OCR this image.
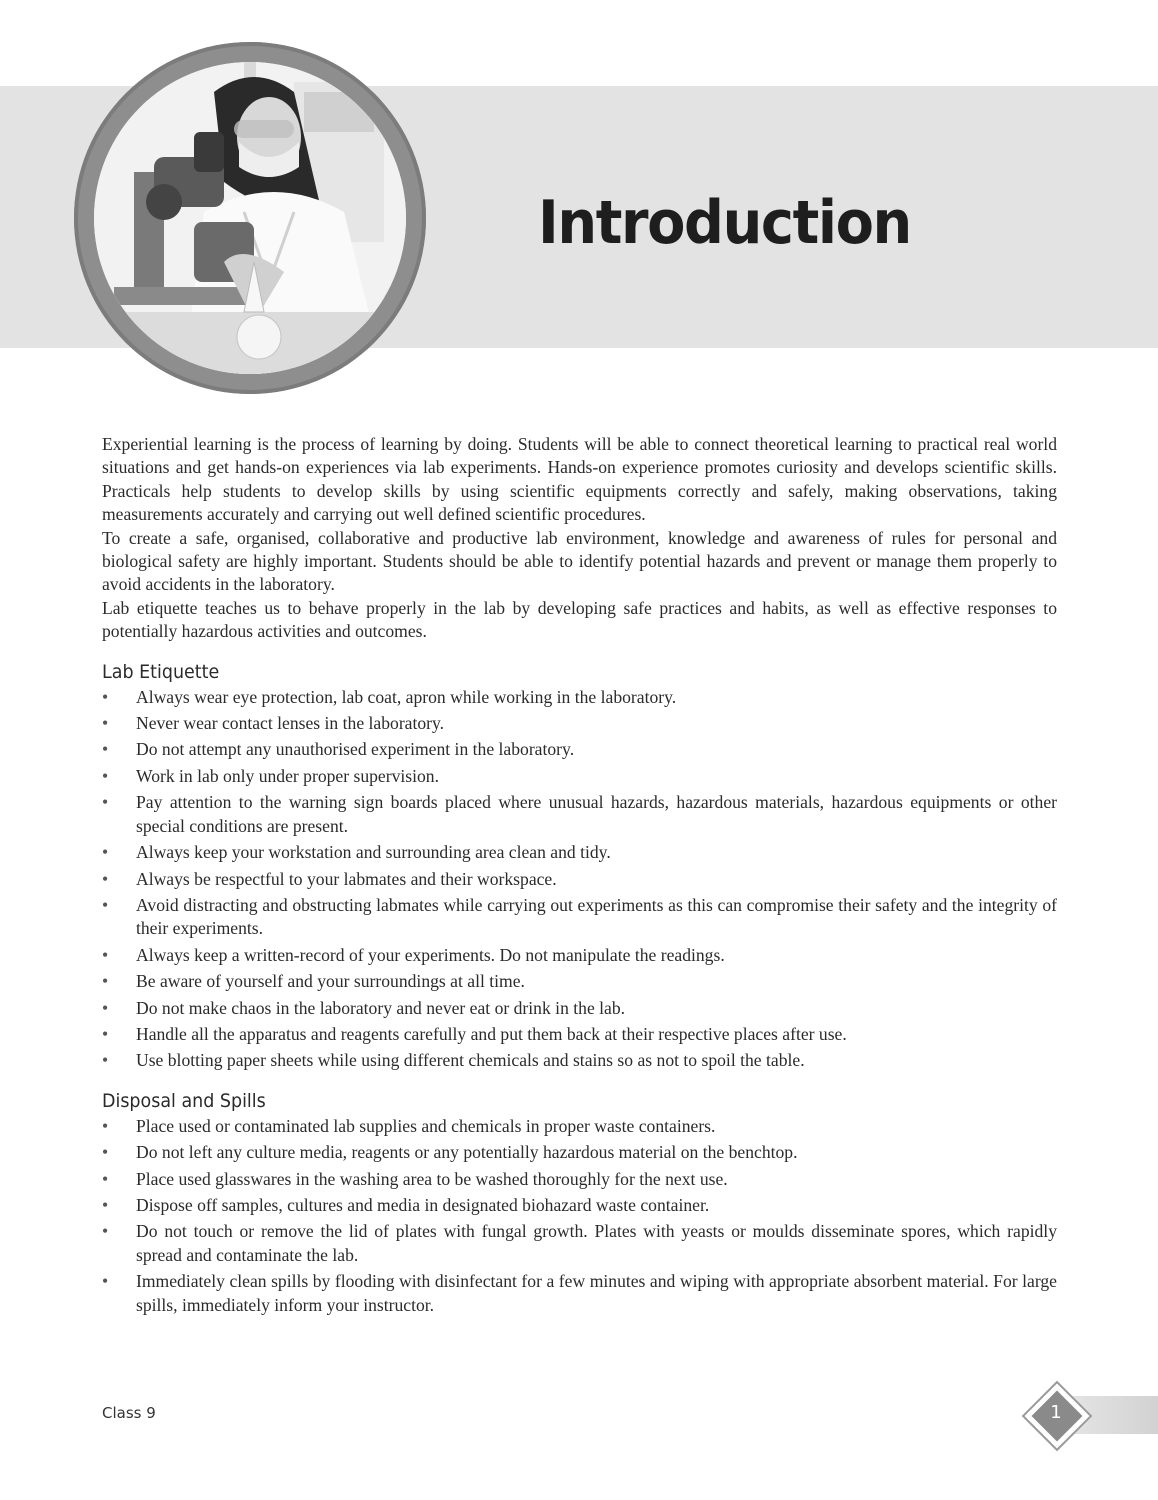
Introduction

Experiential learning is the process of learning by doing. Students will be able to connect theoretical learning to practical real world situations and get hands-on experiences via lab experiments. Hands-on experience promotes curiosity and develops scientific skills. Practicals help students to develop skills by using scientific equipments correctly and safely, making observations, taking measurements accurately and carrying out well defined scientific procedures.

To create a safe, organised, collaborative and productive lab environment, knowledge and awareness of rules for personal and biological safety are highly important. Students should be able to identify potential hazards and prevent or manage them properly to avoid accidents in the laboratory.

Lab etiquette teaches us to behave properly in the lab by developing safe practices and habits, as well as effective responses to potentially hazardous activities and outcomes.

Lab Etiquette
• Always wear eye protection, lab coat, apron while working in the laboratory.
• Never wear contact lenses in the laboratory.
• Do not attempt any unauthorised experiment in the laboratory.
• Work in lab only under proper supervision.
• Pay attention to the warning sign boards placed where unusual hazards, hazardous materials, hazardous equipments or other special conditions are present.
• Always keep your workstation and surrounding area clean and tidy.
• Always be respectful to your labmates and their workspace.
• Avoid distracting and obstructing labmates while carrying out experiments as this can compromise their safety and the integrity of their experiments.
• Always keep a written-record of your experiments. Do not manipulate the readings.
• Be aware of yourself and your surroundings at all time.
• Do not make chaos in the laboratory and never eat or drink in the lab.
• Handle all the apparatus and reagents carefully and put them back at their respective places after use.
• Use blotting paper sheets while using different chemicals and stains so as not to spoil the table.
Disposal and Spills
• Place used or contaminated lab supplies and chemicals in proper waste containers.
• Do not left any culture media, reagents or any potentially hazardous material on the benchtop.
• Place used glasswares in the washing area to be washed thoroughly for the next use.
• Dispose off samples, cultures and media in designated biohazard waste container.
• Do not touch or remove the lid of plates with fungal growth. Plates with yeasts or moulds disseminate spores, which rapidly spread and contaminate the lab.
• Immediately clean spills by flooding with disinfectant for a few minutes and wiping with appropriate absorbent material. For large spills, immediately inform your instructor.
Class 9	1
